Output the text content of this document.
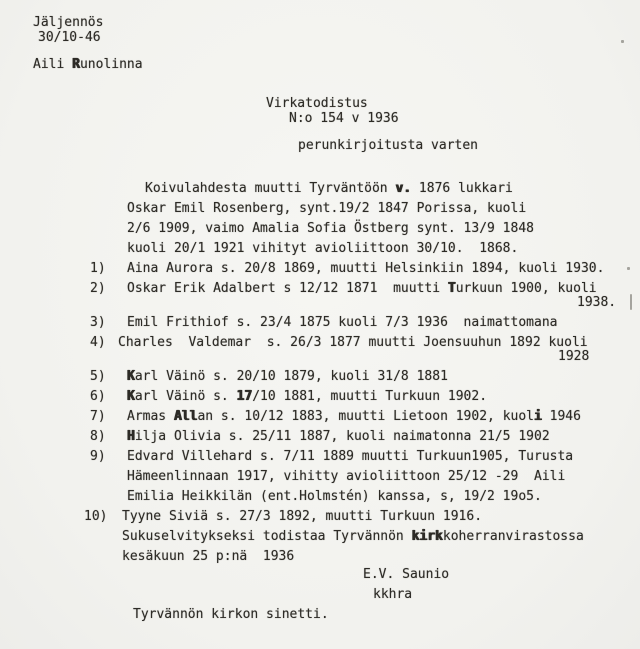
Jäljennös
30/10-46
Aili Runolinna
Virkatodistus
N:o 154 v 1936
perunkirjoitusta varten
Koivulahdesta muutti Tyrväntöön v. 1876 lukkari
Oskar Emil Rosenberg, synt.19/2 1847 Porissa, kuoli
2/6 1909, vaimo Amalia Sofia Östberg synt. 13/9 1848
kuoli 20/1 1921 vihityt avioliittoon 30/10.  1868.
1) Aina Aurora s. 20/8 1869, muutti Helsinkiin 1894, kuoli 1930.
2) Oskar Erik Adalbert s 12/12 1871  muutti Turkuun 1900, kuoli
1938.
3) Emil Frithiof s. 23/4 1875 kuoli 7/3 1936  naimattomana
4) Charles  Valdemar  s. 26/3 1877 muutti Joensuuhun 1892 kuoli
1928
5) Karl Väinö s. 20/10 1879, kuoli 31/8 1881
6) Karl Väinö s. 17/10 1881, muutti Turkuun 1902.
7) Armas Allan s. 10/12 1883, muutti Lietoon 1902, kuoli 1946
8) Hilja Olivia s. 25/11 1887, kuoli naimatonna 21/5 1902
9) Edvard Villehard s. 7/11 1889 muutti Turkuun1905, Turusta
Hämeenlinnaan 1917, vihitty avioliittoon 25/12 -29  Aili
Emilia Heikkilän (ent.Holmstén) kanssa, s, 19/2 19o5.
10) Tyyne Siviä s. 27/3 1892, muutti Turkuun 1916.
Sukuselvitykseksi todistaa Tyrvännön kirkkoherranvirastossa
kesäkuun 25 p:nä  1936
E.V. Saunio
kkhra
Tyrvännön kirkon sinetti.
